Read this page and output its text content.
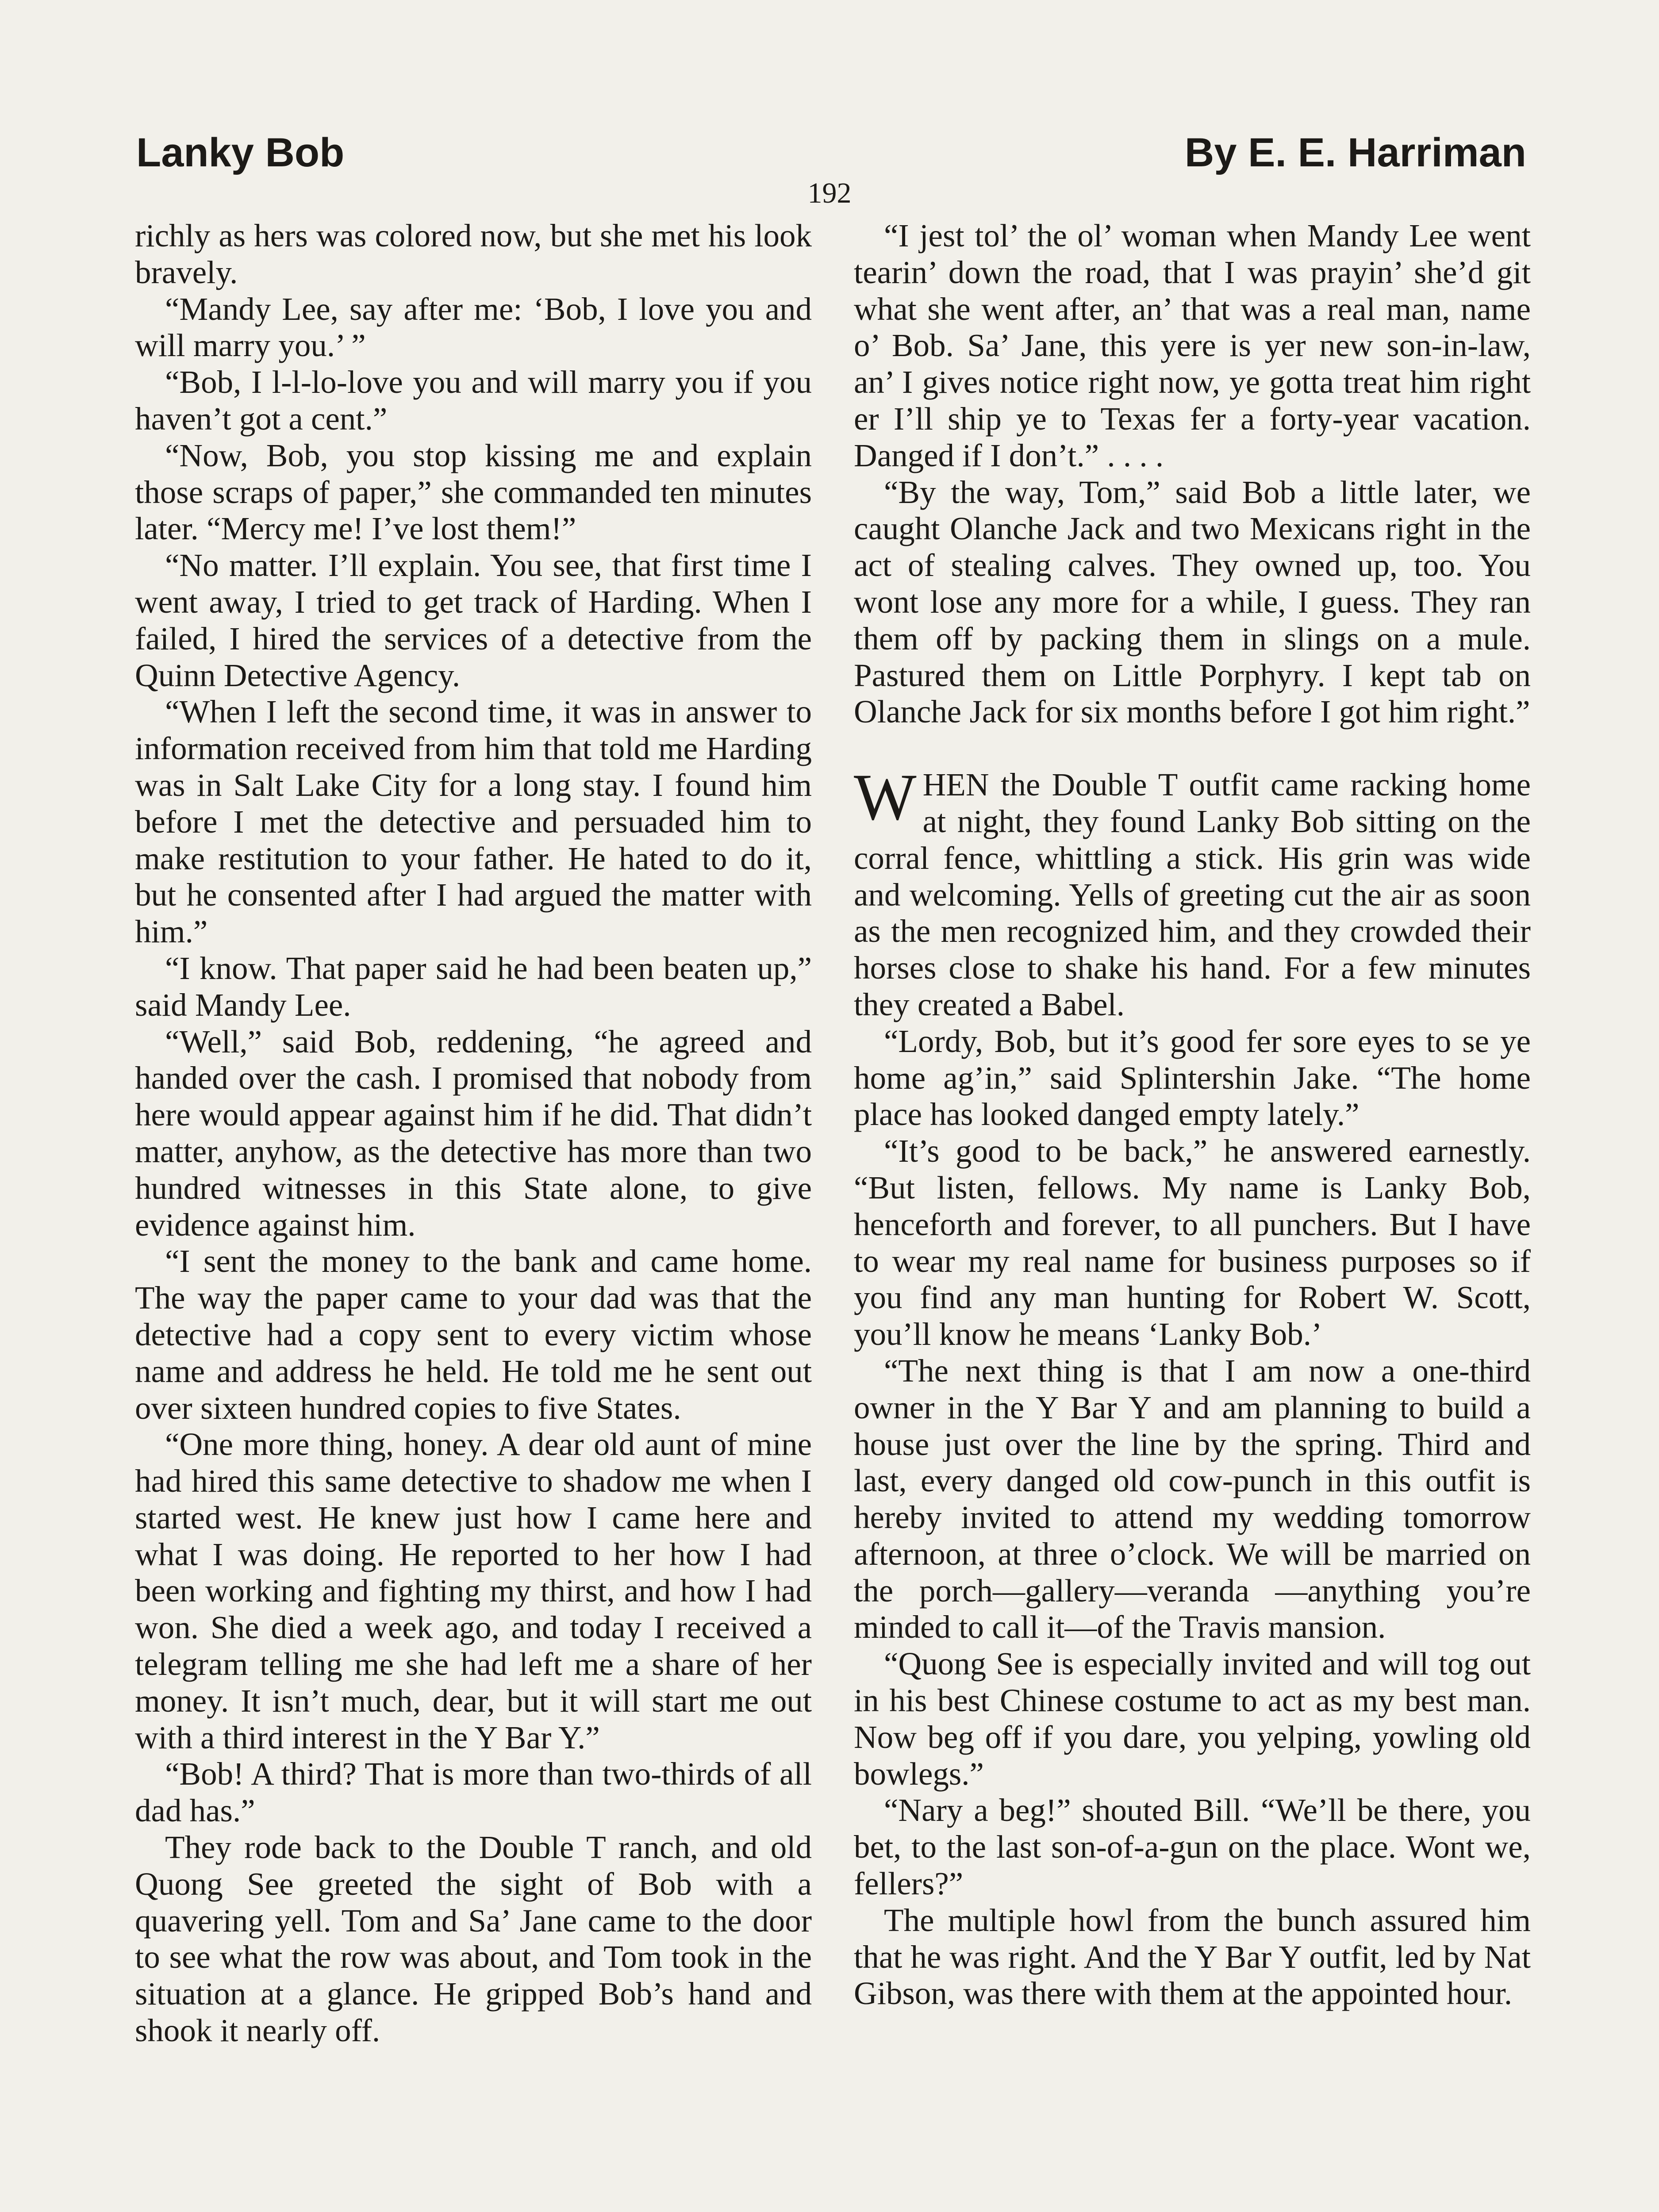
Lanky Bob	By E. E. Harriman
192

richly as hers was colored now, but she met his look bravely.

“Mandy Lee, say after me: ‘Bob, I love you and will marry you.’ ”

“Bob, I l-l-lo-love you and will marry you if you haven’t got a cent.”

“Now, Bob, you stop kissing me and explain those scraps of paper,” she commanded ten minutes later. “Mercy me! I’ve lost them!”

“No matter. I’ll explain. You see, that first time I went away, I tried to get track of Harding. When I failed, I hired the services of a detective from the Quinn Detective Agency.

“When I left the second time, it was in answer to information received from him that told me Harding was in Salt Lake City for a long stay. I found him before I met the detective and persuaded him to make restitution to your father. He hated to do it, but he consented after I had argued the matter with him.”

“I know. That paper said he had been beaten up,” said Mandy Lee.

“Well,” said Bob, reddening, “he agreed and handed over the cash. I promised that nobody from here would appear against him if he did. That didn’t matter, anyhow, as the detective has more than two hundred witnesses in this State alone, to give evidence against him.

“I sent the money to the bank and came home. The way the paper came to your dad was that the detective had a copy sent to every victim whose name and address he held. He told me he sent out over sixteen hundred copies to five States.

“One more thing, honey. A dear old aunt of mine had hired this same detective to shadow me when I started west. He knew just how I came here and what I was doing. He reported to her how I had been working and fighting my thirst, and how I had won. She died a week ago, and today I received a telegram telling me she had left me a share of her money. It isn’t much, dear, but it will start me out with a third interest in the Y Bar Y.”

“Bob! A third? That is more than two-thirds of all dad has.”

They rode back to the Double T ranch, and old Quong See greeted the sight of Bob with a quavering yell. Tom and Sa’ Jane came to the door to see what the row was about, and Tom took in the situation at a glance. He gripped Bob’s hand and shook it nearly off.

“I jest tol’ the ol’ woman when Mandy Lee went tearin’ down the road, that I was prayin’ she’d git what she went after, an’ that was a real man, name o’ Bob. Sa’ Jane, this yere is yer new son-in-law, an’ I gives notice right now, ye gotta treat him right er I’ll ship ye to Texas fer a forty-year vacation. Danged if I don’t.” . . . .

“By the way, Tom,” said Bob a little later, we caught Olanche Jack and two Mexicans right in the act of stealing calves. They owned up, too. You wont lose any more for a while, I guess. They ran them off by packing them in slings on a mule. Pastured them on Little Porphyry. I kept tab on Olanche Jack for six months before I got him right.”

WHEN the Double T outfit came racking home at night, they found Lanky Bob sitting on the corral fence, whittling a stick. His grin was wide and welcoming. Yells of greeting cut the air as soon as the men recognized him, and they crowded their horses close to shake his hand. For a few minutes they created a Babel.

“Lordy, Bob, but it’s good fer sore eyes to se ye home ag’in,” said Splintershin Jake. “The home place has looked danged empty lately.”

“It’s good to be back,” he answered earnestly. “But listen, fellows. My name is Lanky Bob, henceforth and forever, to all punchers. But I have to wear my real name for business purposes so if you find any man hunting for Robert W. Scott, you’ll know he means ‘Lanky Bob.’

“The next thing is that I am now a one-third owner in the Y Bar Y and am planning to build a house just over the line by the spring. Third and last, every danged old cow-punch in this outfit is hereby invited to attend my wedding tomorrow afternoon, at three o’clock. We will be married on the porch—gallery—veranda —anything you’re minded to call it—of the Travis mansion.

“Quong See is especially invited and will tog out in his best Chinese costume to act as my best man. Now beg off if you dare, you yelping, yowling old bowlegs.”

“Nary a beg!” shouted Bill. “We’ll be there, you bet, to the last son-of-a-gun on the place. Wont we, fellers?”

The multiple howl from the bunch assured him that he was right. And the Y Bar Y outfit, led by Nat Gibson, was there with them at the appointed hour.
